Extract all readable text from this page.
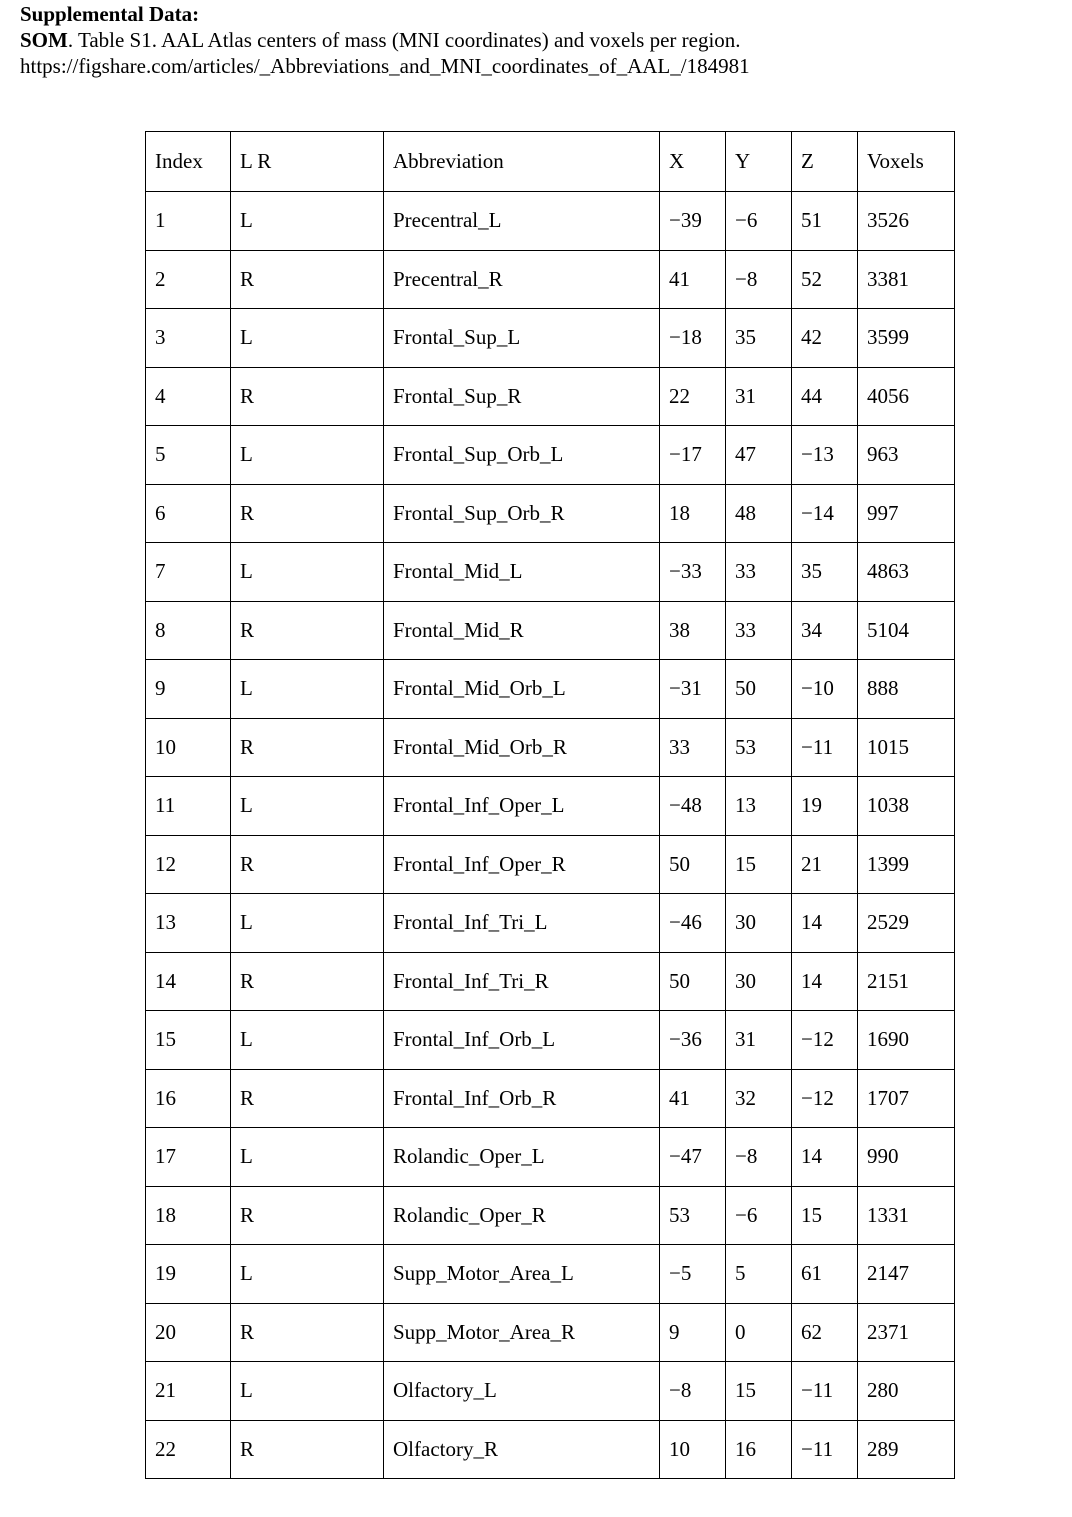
Supplemental Data:
SOM. Table S1. AAL Atlas centers of mass (MNI coordinates) and voxels per region.
https://figshare.com/articles/_Abbreviations_and_MNI_coordinates_of_AAL_/184981
Index	L R	Abbreviation	X	Y	Z	Voxels
1	L	Precentral_L	−39	−6	51	3526
2	R	Precentral_R	41	−8	52	3381
3	L	Frontal_Sup_L	−18	35	42	3599
4	R	Frontal_Sup_R	22	31	44	4056
5	L	Frontal_Sup_Orb_L	−17	47	−13	963
6	R	Frontal_Sup_Orb_R	18	48	−14	997
7	L	Frontal_Mid_L	−33	33	35	4863
8	R	Frontal_Mid_R	38	33	34	5104
9	L	Frontal_Mid_Orb_L	−31	50	−10	888
10	R	Frontal_Mid_Orb_R	33	53	−11	1015
11	L	Frontal_Inf_Oper_L	−48	13	19	1038
12	R	Frontal_Inf_Oper_R	50	15	21	1399
13	L	Frontal_Inf_Tri_L	−46	30	14	2529
14	R	Frontal_Inf_Tri_R	50	30	14	2151
15	L	Frontal_Inf_Orb_L	−36	31	−12	1690
16	R	Frontal_Inf_Orb_R	41	32	−12	1707
17	L	Rolandic_Oper_L	−47	−8	14	990
18	R	Rolandic_Oper_R	53	−6	15	1331
19	L	Supp_Motor_Area_L	−5	5	61	2147
20	R	Supp_Motor_Area_R	9	0	62	2371
21	L	Olfactory_L	−8	15	−11	280
22	R	Olfactory_R	10	16	−11	289
